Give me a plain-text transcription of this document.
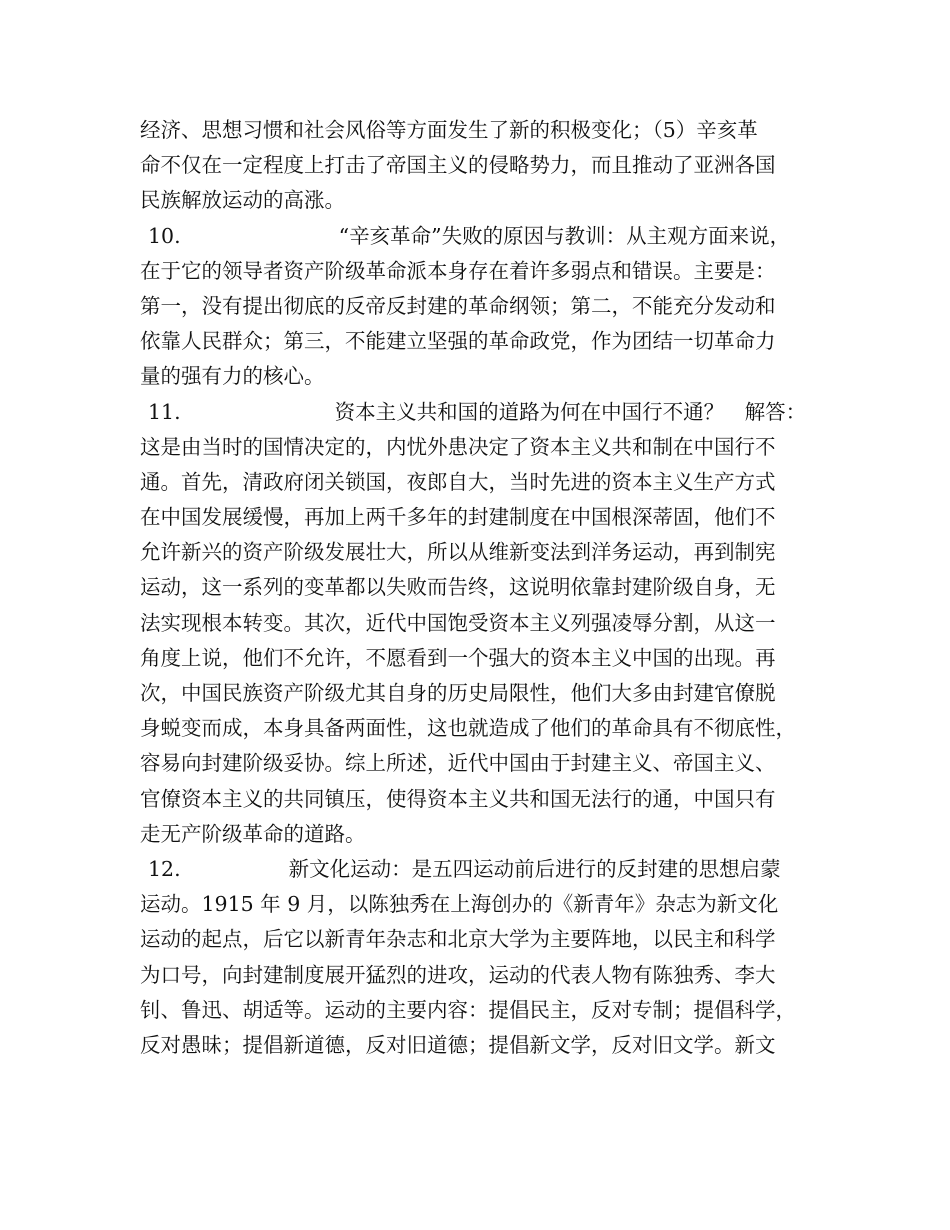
经济、思想习惯和社会风俗等方面发生了新的积极变化；（5）辛亥革
命不仅在一定程度上打击了帝国主义的侵略势力，而且推动了亚洲各国
民族解放运动的高涨。
10.	“辛亥革命”失败的原因与教训：从主观方面来说，
在于它的领导者资产阶级革命派本身存在着许多弱点和错误。主要是：
第一，没有提出彻底的反帝反封建的革命纲领；第二，不能充分发动和
依靠人民群众；第三，不能建立坚强的革命政党，作为团结一切革命力
量的强有力的核心。
11.	资本主义共和国的道路为何在中国行不通？　解答：
这是由当时的国情决定的，内忧外患决定了资本主义共和制在中国行不
通。首先，清政府闭关锁国，夜郎自大，当时先进的资本主义生产方式
在中国发展缓慢，再加上两千多年的封建制度在中国根深蒂固，他们不
允许新兴的资产阶级发展壮大，所以从维新变法到洋务运动，再到制宪
运动，这一系列的变革都以失败而告终，这说明依靠封建阶级自身，无
法实现根本转变。其次，近代中国饱受资本主义列强凌辱分割，从这一
角度上说，他们不允许，不愿看到一个强大的资本主义中国的出现。再
次，中国民族资产阶级尤其自身的历史局限性，他们大多由封建官僚脱
身蜕变而成，本身具备两面性，这也就造成了他们的革命具有不彻底性，
容易向封建阶级妥协。综上所述，近代中国由于封建主义、帝国主义、
官僚资本主义的共同镇压，使得资本主义共和国无法行的通，中国只有
走无产阶级革命的道路。
12.	新文化运动：是五四运动前后进行的反封建的思想启蒙
运动。1915 年 9 月，以陈独秀在上海创办的《新青年》杂志为新文化
运动的起点，后它以新青年杂志和北京大学为主要阵地，以民主和科学
为口号，向封建制度展开猛烈的进攻，运动的代表人物有陈独秀、李大
钊、鲁迅、胡适等。运动的主要内容：提倡民主，反对专制；提倡科学，
反对愚昧；提倡新道德，反对旧道德；提倡新文学，反对旧文学。新文
